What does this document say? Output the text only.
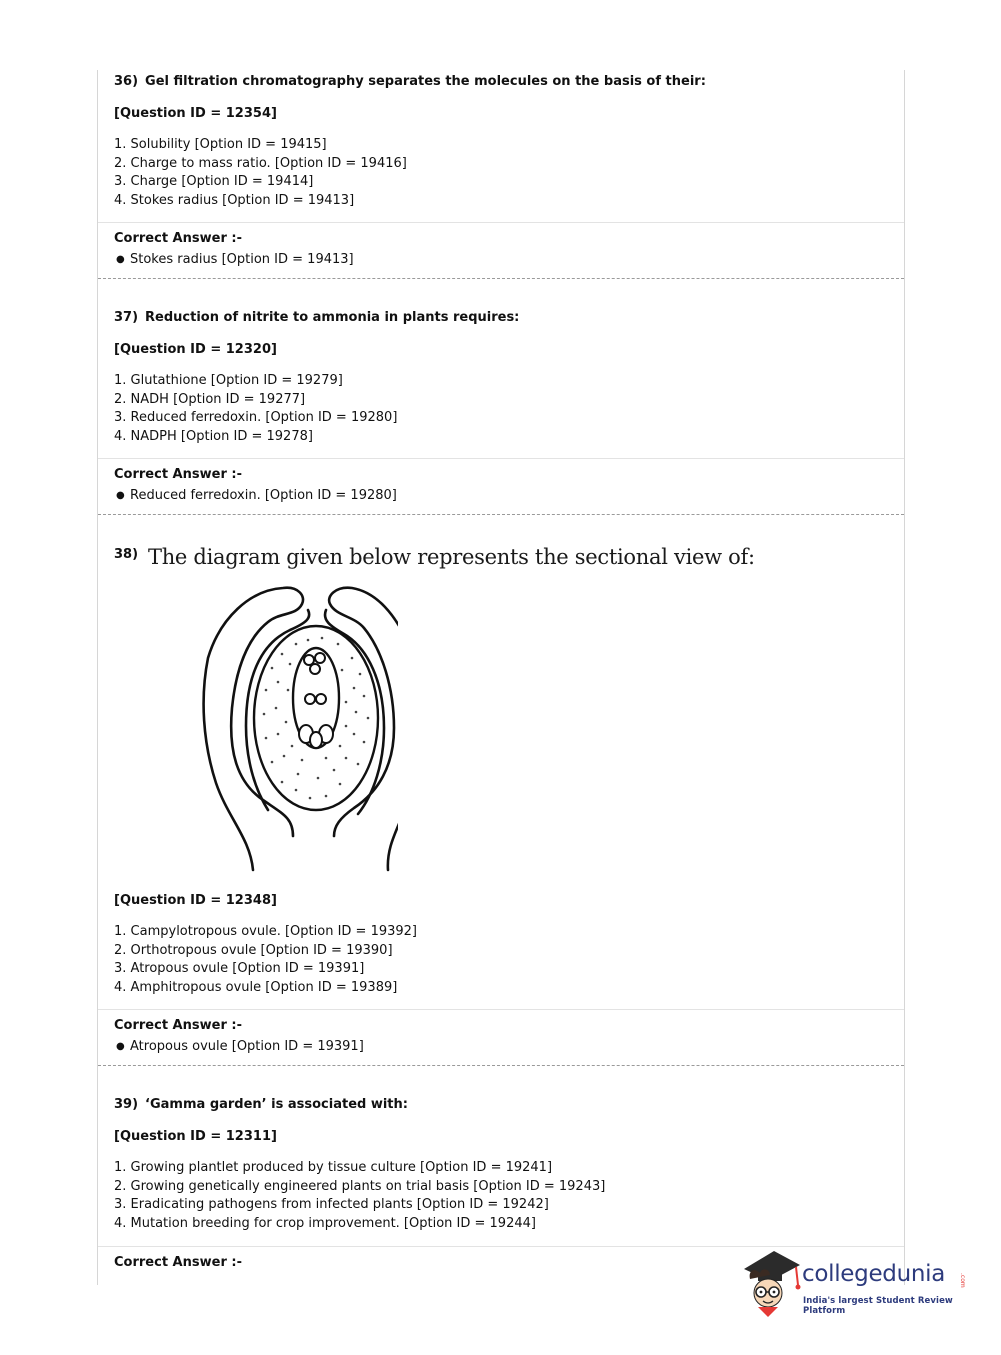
36) Gel filtration chromatography separates the molecules on the basis of their:
[Question ID = 12354]
1. Solubility [Option ID = 19415]
2. Charge to mass ratio. [Option ID = 19416]
3. Charge [Option ID = 19414]
4. Stokes radius [Option ID = 19413]
Correct Answer :-
● Stokes radius [Option ID = 19413]
37) Reduction of nitrite to ammonia in plants requires:
[Question ID = 12320]
1. Glutathione [Option ID = 19279]
2. NADH [Option ID = 19277]
3. Reduced ferredoxin. [Option ID = 19280]
4. NADPH [Option ID = 19278]
Correct Answer :-
● Reduced ferredoxin. [Option ID = 19280]
38) The diagram given below represents the sectional view of:
[Question ID = 12348]
1. Campylotropous ovule. [Option ID = 19392]
2. Orthotropous ovule [Option ID = 19390]
3. Atropous ovule [Option ID = 19391]
4. Amphitropous ovule [Option ID = 19389]
Correct Answer :-
● Atropous ovule [Option ID = 19391]
39) ‘Gamma garden’ is associated with:
[Question ID = 12311]
1. Growing plantlet produced by tissue culture [Option ID = 19241]
2. Growing genetically engineered plants on trial basis [Option ID = 19243]
3. Eradicating pathogens from infected plants [Option ID = 19242]
4. Mutation breeding for crop improvement. [Option ID = 19244]
Correct Answer :-	collegedunia .com
India's largest Student Review Platform
